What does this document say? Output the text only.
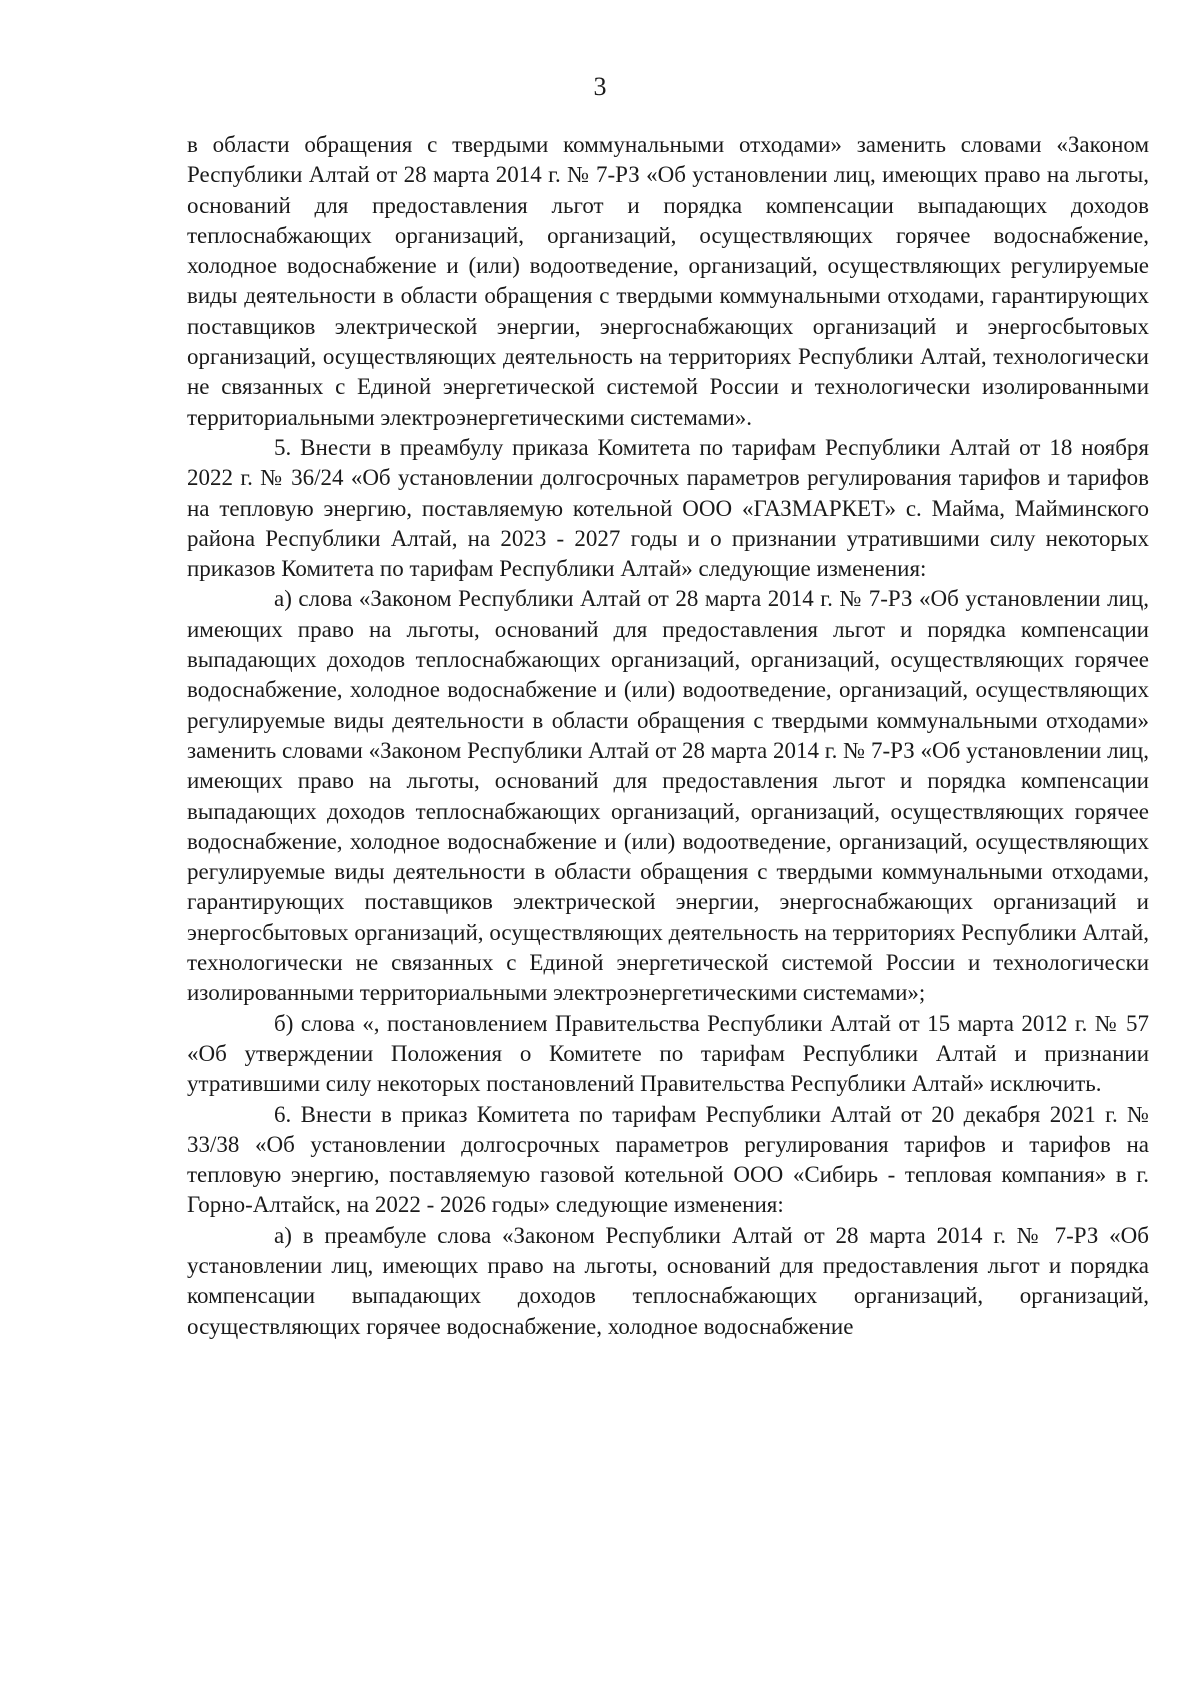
3

в области обращения с твердыми коммунальными отходами» заменить словами «Законом Республики Алтай от 28 марта 2014 г. № 7-РЗ «Об установлении лиц, имеющих право на льготы, оснований для предоставления льгот и порядка компенсации выпадающих доходов теплоснабжающих организаций, организаций, осуществляющих горячее водоснабжение, холодное водоснабжение и (или) водоотведение, организаций, осуществляющих регулируемые виды деятельности в области обращения с твердыми коммунальными отходами, гарантирующих поставщиков электрической энергии, энергоснабжающих организаций и энергосбытовых организаций, осуществляющих деятельность на территориях Республики Алтай, технологически не связанных с Единой энергетической системой России и технологически изолированными территориальными электроэнергетическими системами».

5. Внести в преамбулу приказа Комитета по тарифам Республики Алтай от 18 ноября 2022 г. № 36/24 «Об установлении долгосрочных параметров регулирования тарифов и тарифов на тепловую энергию, поставляемую котельной ООО «ГАЗМАРКЕТ» с. Майма, Майминского района Республики Алтай, на 2023 - 2027 годы и о признании утратившими силу некоторых приказов Комитета по тарифам Республики Алтай» следующие изменения:

а) слова «Законом Республики Алтай от 28 марта 2014 г. № 7-РЗ «Об установлении лиц, имеющих право на льготы, оснований для предоставления льгот и порядка компенсации выпадающих доходов теплоснабжающих организаций, организаций, осуществляющих горячее водоснабжение, холодное водоснабжение и (или) водоотведение, организаций, осуществляющих регулируемые виды деятельности в области обращения с твердыми коммунальными отходами» заменить словами «Законом Республики Алтай от 28 марта 2014 г. № 7-РЗ «Об установлении лиц, имеющих право на льготы, оснований для предоставления льгот и порядка компенсации выпадающих доходов теплоснабжающих организаций, организаций, осуществляющих горячее водоснабжение, холодное водоснабжение и (или) водоотведение, организаций, осуществляющих регулируемые виды деятельности в области обращения с твердыми коммунальными отходами, гарантирующих поставщиков электрической энергии, энергоснабжающих организаций и энергосбытовых организаций, осуществляющих деятельность на территориях Республики Алтай, технологически не связанных с Единой энергетической системой России и технологически изолированными территориальными электроэнергетическими системами»;

б) слова «, постановлением Правительства Республики Алтай от 15 марта 2012 г. № 57 «Об утверждении Положения о Комитете по тарифам Республики Алтай и признании утратившими силу некоторых постановлений Правительства Республики Алтай» исключить.

6. Внести в приказ Комитета по тарифам Республики Алтай от 20 декабря 2021 г. № 33/38 «Об установлении долгосрочных параметров регулирования тарифов и тарифов на тепловую энергию, поставляемую газовой котельной ООО «Сибирь - тепловая компания» в г. Горно-Алтайск, на 2022 - 2026 годы» следующие изменения:

а) в преамбуле слова «Законом Республики Алтай от 28 марта 2014 г. № 7-РЗ «Об установлении лиц, имеющих право на льготы, оснований для предоставления льгот и порядка компенсации выпадающих доходов теплоснабжающих организаций, организаций, осуществляющих горячее водоснабжение, холодное водоснабжение
